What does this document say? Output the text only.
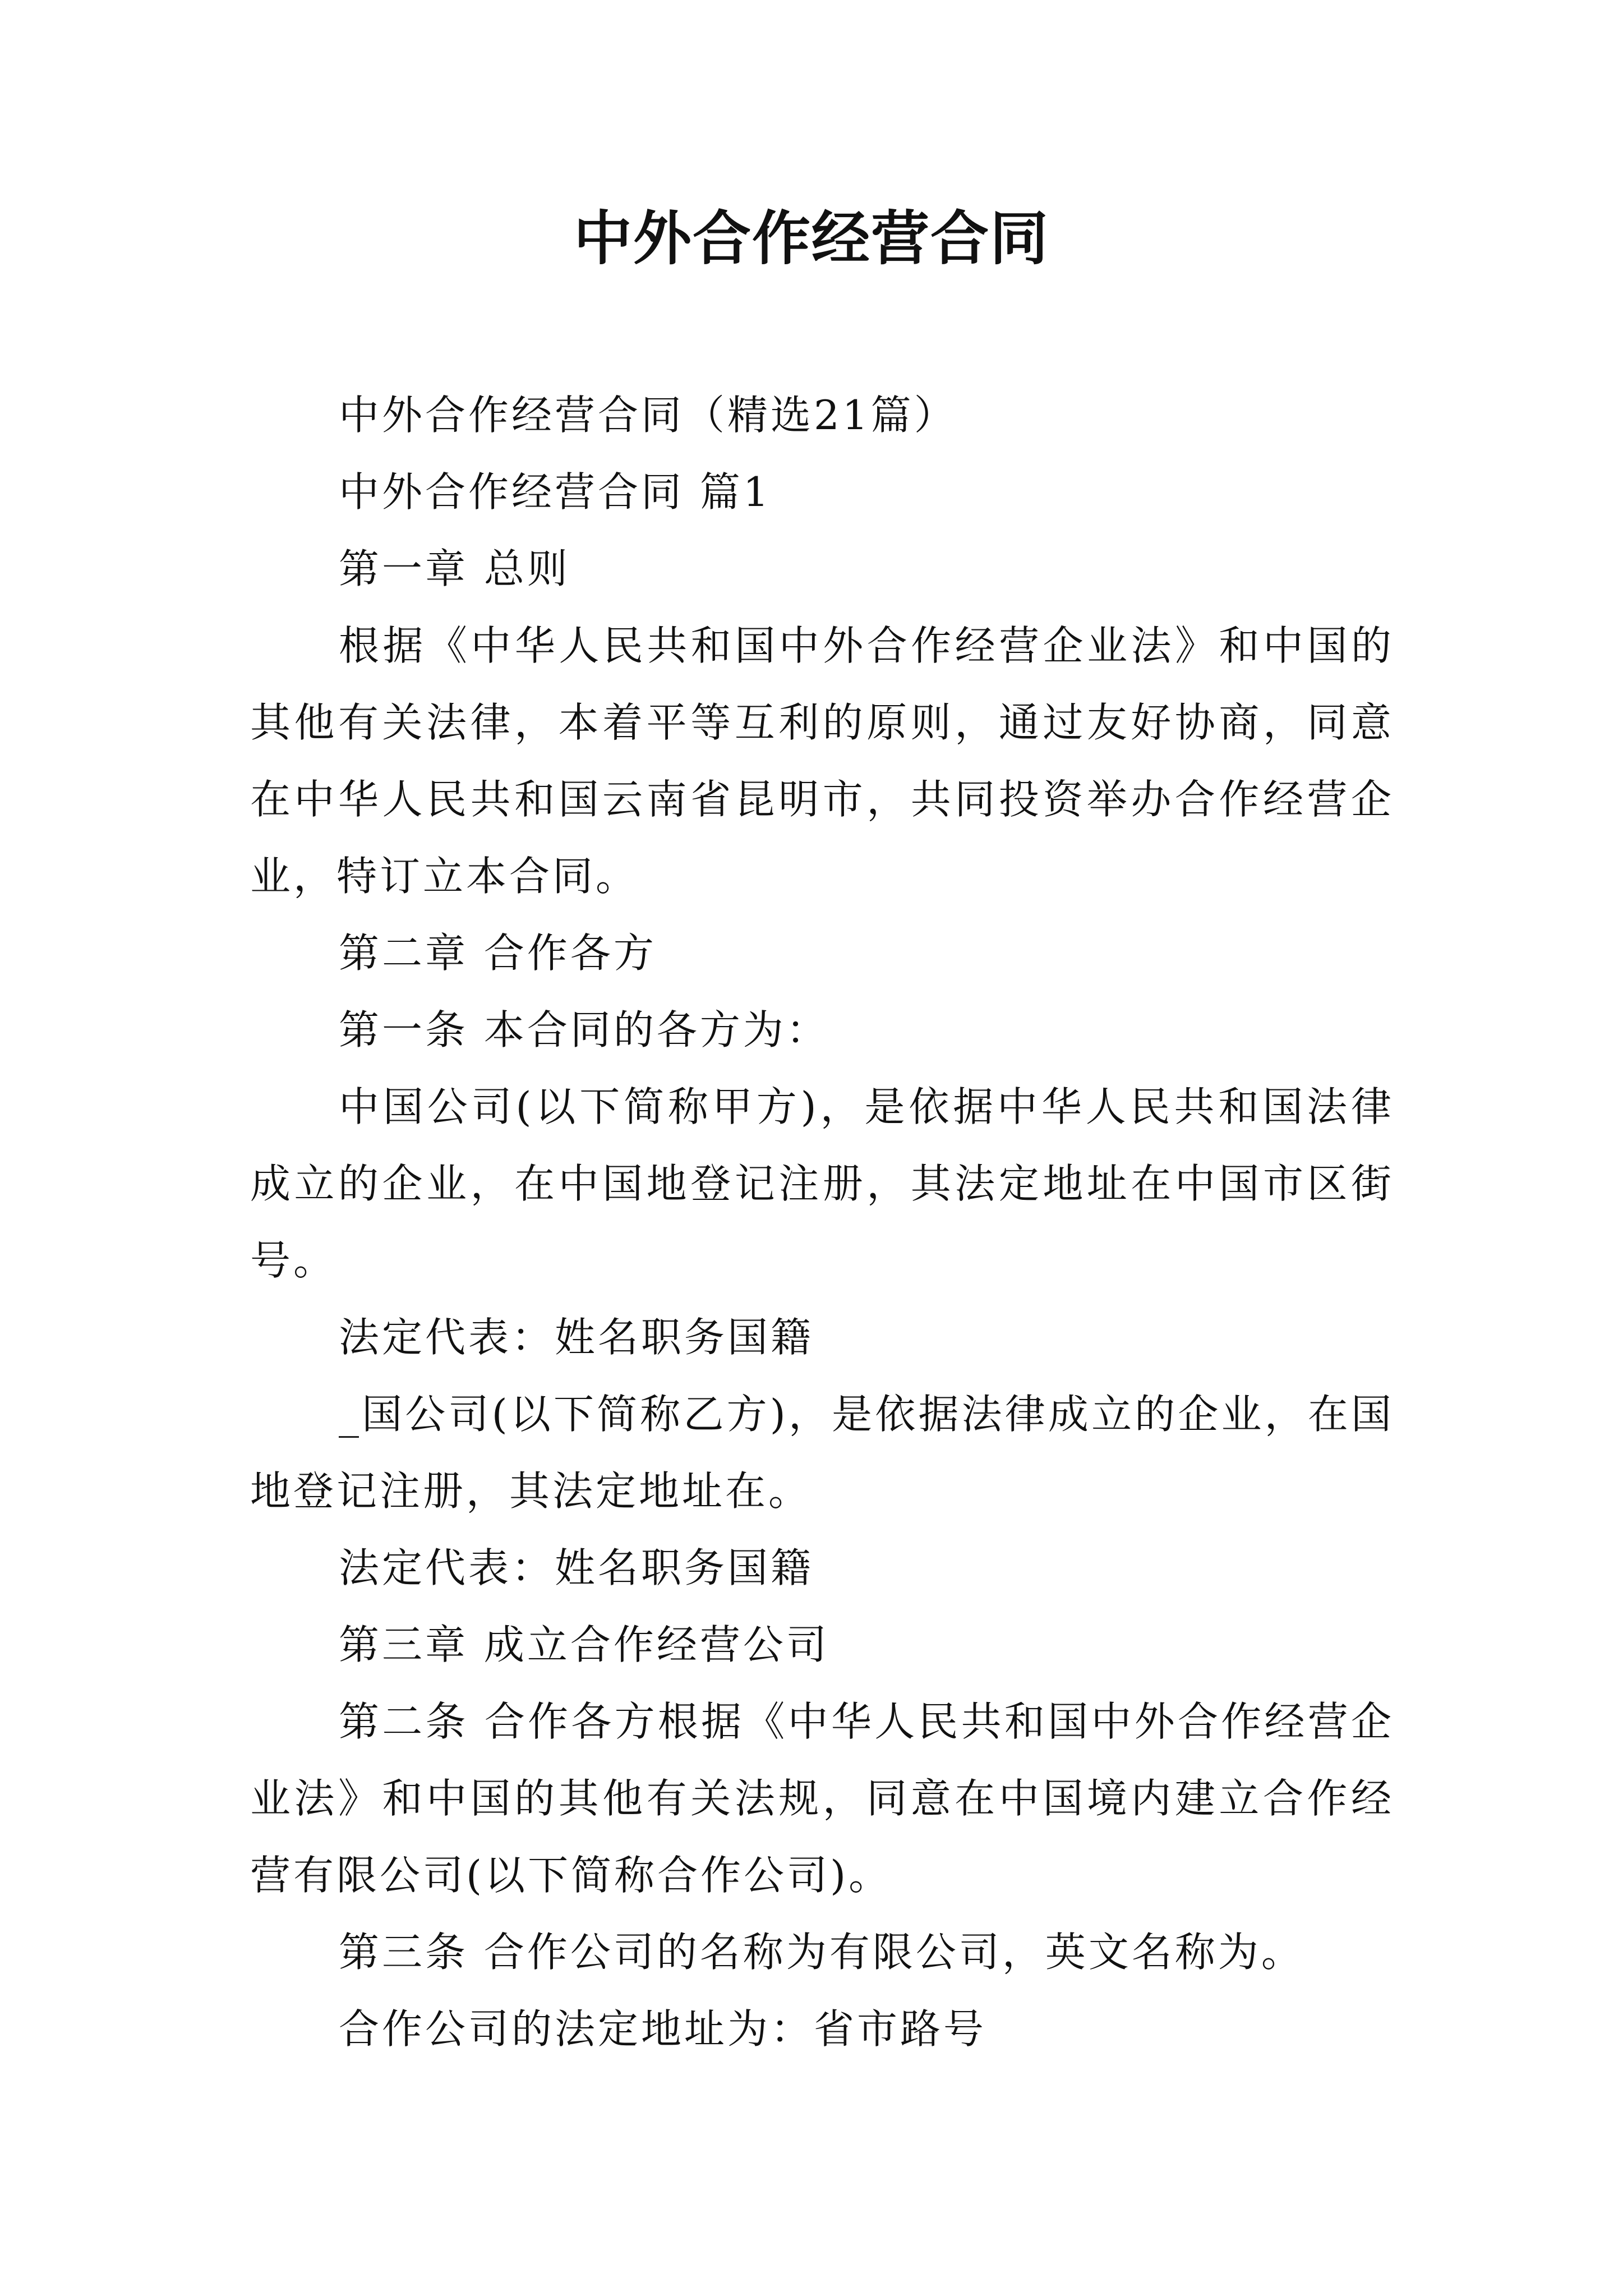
中外合作经营合同

中外合作经营合同（精选21篇）

中外合作经营合同 篇1

第一章 总则

根据《中华人民共和国中外合作经营企业法》和中国的其他有关法律，本着平等互利的原则，通过友好协商，同意在中华人民共和国云南省昆明市，共同投资举办合作经营企业，特订立本合同。

第二章 合作各方

第一条 本合同的各方为：

中国公司(以下简称甲方)，是依据中华人民共和国法律成立的企业，在中国地登记注册，其法定地址在中国市区街号。

法定代表：姓名职务国籍

_国公司(以下简称乙方)，是依据法律成立的企业，在国地登记注册，其法定地址在。

法定代表：姓名职务国籍

第三章 成立合作经营公司

第二条 合作各方根据《中华人民共和国中外合作经营企业法》和中国的其他有关法规，同意在中国境内建立合作经营有限公司(以下简称合作公司)。

第三条 合作公司的名称为有限公司，英文名称为。

合作公司的法定地址为：省市路号
